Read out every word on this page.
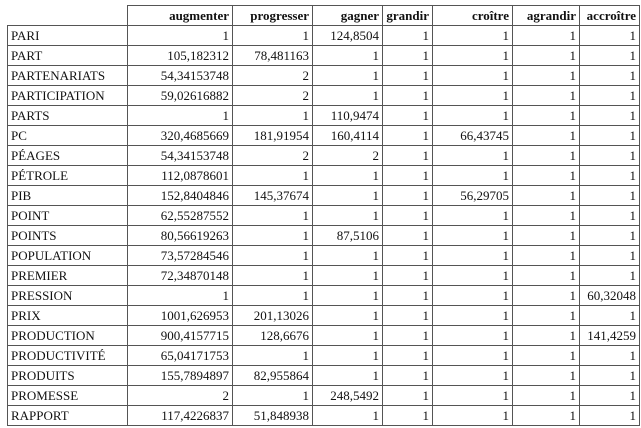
	augmenter	progresser	gagner	grandir	croître	agrandir	accroître
PARI	1	1	124,8504	1	1	1	1
PART	105,182312	78,481163	1	1	1	1	1
PARTENARIATS	54,34153748	2	1	1	1	1	1
PARTICIPATION	59,02616882	2	1	1	1	1	1
PARTS	1	1	110,9474	1	1	1	1
PC	320,4685669	181,91954	160,4114	1	66,43745	1	1
PÉAGES	54,34153748	2	2	1	1	1	1
PÉTROLE	112,0878601	1	1	1	1	1	1
PIB	152,8404846	145,37674	1	1	56,29705	1	1
POINT	62,55287552	1	1	1	1	1	1
POINTS	80,56619263	1	87,5106	1	1	1	1
POPULATION	73,57284546	1	1	1	1	1	1
PREMIER	72,34870148	1	1	1	1	1	1
PRESSION	1	1	1	1	1	1	60,32048
PRIX	1001,626953	201,13026	1	1	1	1	1
PRODUCTION	900,4157715	128,6676	1	1	1	1	141,4259
PRODUCTIVITÉ	65,04171753	1	1	1	1	1	1
PRODUITS	155,7894897	82,955864	1	1	1	1	1
PROMESSE	2	1	248,5492	1	1	1	1
RAPPORT	117,4226837	51,848938	1	1	1	1	1
